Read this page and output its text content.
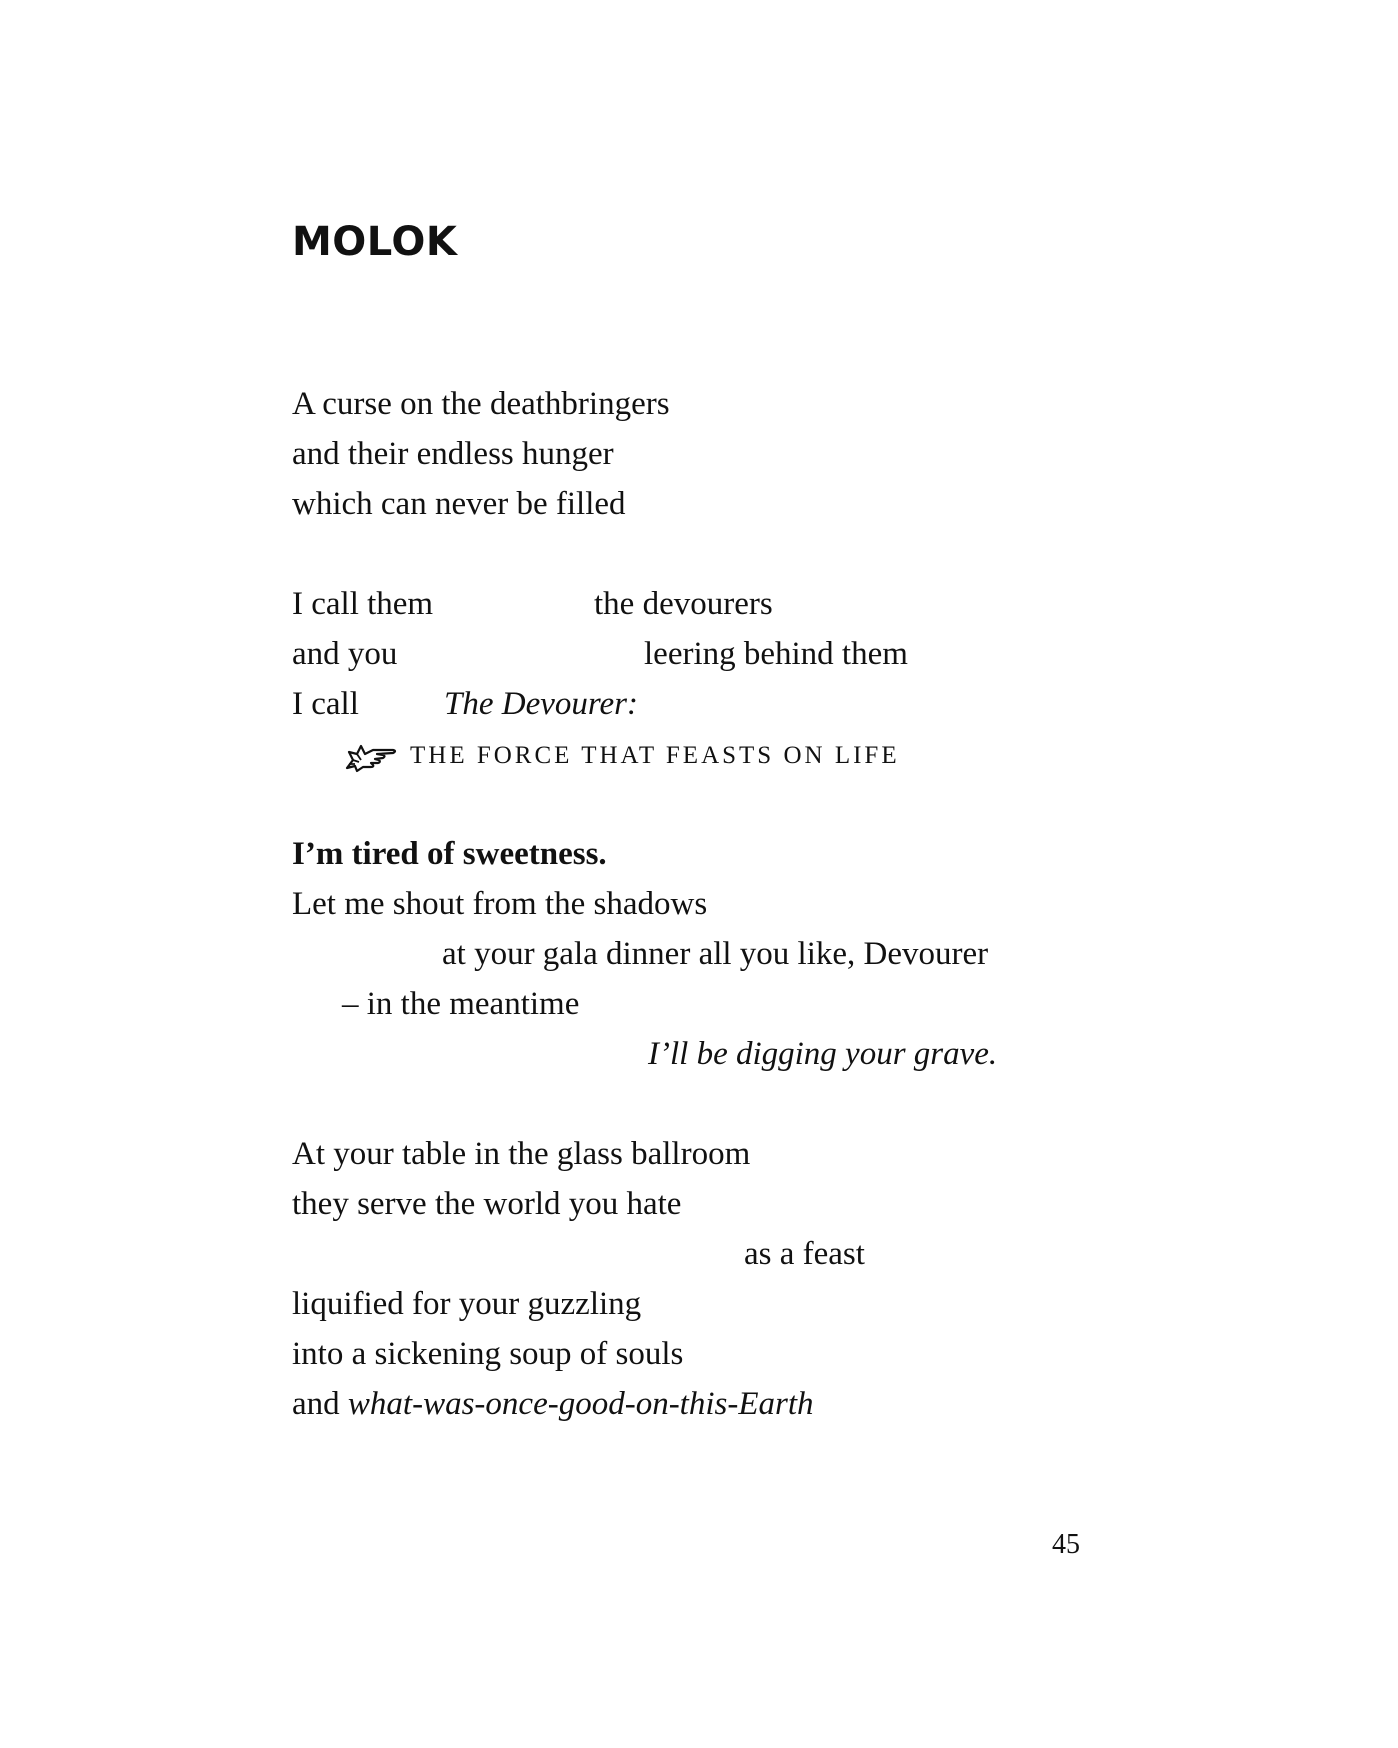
MOLOK
A curse on the deathbringers
and their endless hunger
which can never be filled
I call them	the devourers
and you	leering behind them
I call	The Devourer:
THE FORCE THAT FEASTS ON LIFE
I’m tired of sweetness.
Let me shout from the shadows
at your gala dinner all you like, Devourer
– in the meantime
I’ll be digging your grave.
At your table in the glass ballroom
they serve the world you hate
as a feast
liquified for your guzzling
into a sickening soup of souls
and what-was-once-good-on-this-Earth
45
